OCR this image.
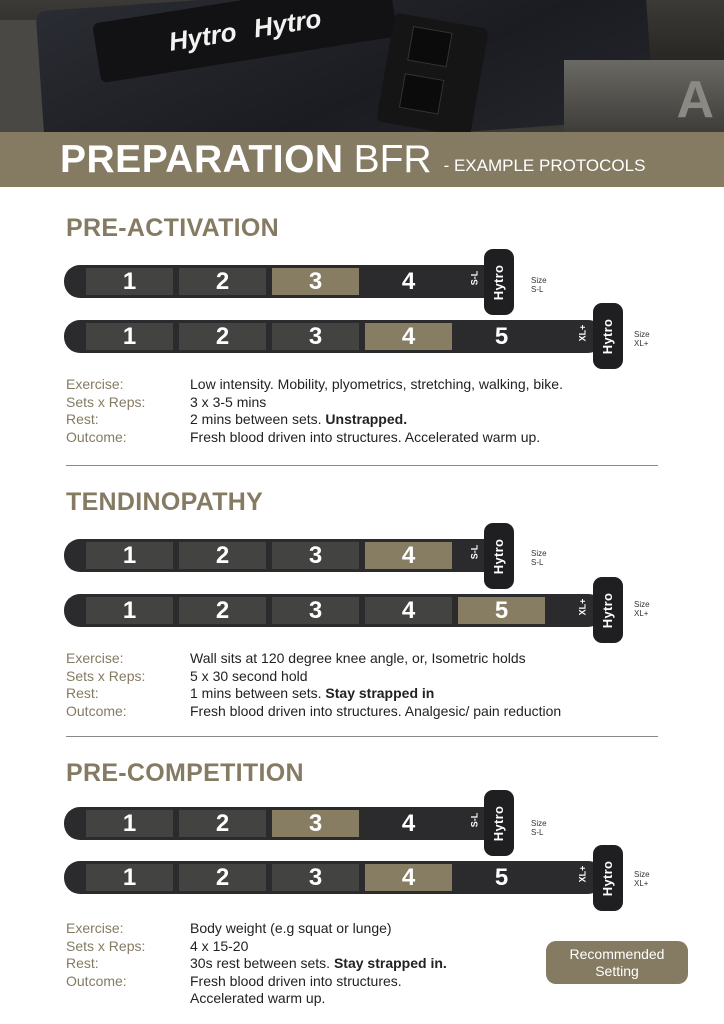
Hytro Hytro
A
PREPARATION BFR - EXAMPLE PROTOCOLS
PRE-ACTIVATION
1	2	3	4	S-L Hytro	Size
S-L
1	2	3	4	5	XL+ Hytro Size
XL+
Exercise:	Low intensity. Mobility, plyometrics, stretching, walking, bike.
Sets x Reps:	3 x 3-5 mins
Rest:	2 mins between sets. Unstrapped.
Outcome:	Fresh blood driven into structures. Accelerated warm up.
TENDINOPATHY
1	2	3	4	S-L Hytro	Size
S-L
1	2	3	4	5	XL+ Hytro Size
XL+
Exercise:	Wall sits at 120 degree knee angle, or, Isometric holds
Sets x Reps:	5 x 30 second hold
Rest:	1 mins between sets. Stay strapped in
Outcome:	Fresh blood driven into structures. Analgesic/ pain reduction
PRE-COMPETITION
1	2	3	4	S-L Hytro	Size
S-L
1	2	3	4	5	XL+ Hytro Size
XL+
Exercise:	Body weight (e.g squat or lunge)
Sets x Reps:	4 x 15-20
Rest:	30s rest between sets. Stay strapped in.
Outcome:	Fresh blood driven into structures.
Accelerated warm up.
Recommended
Setting
